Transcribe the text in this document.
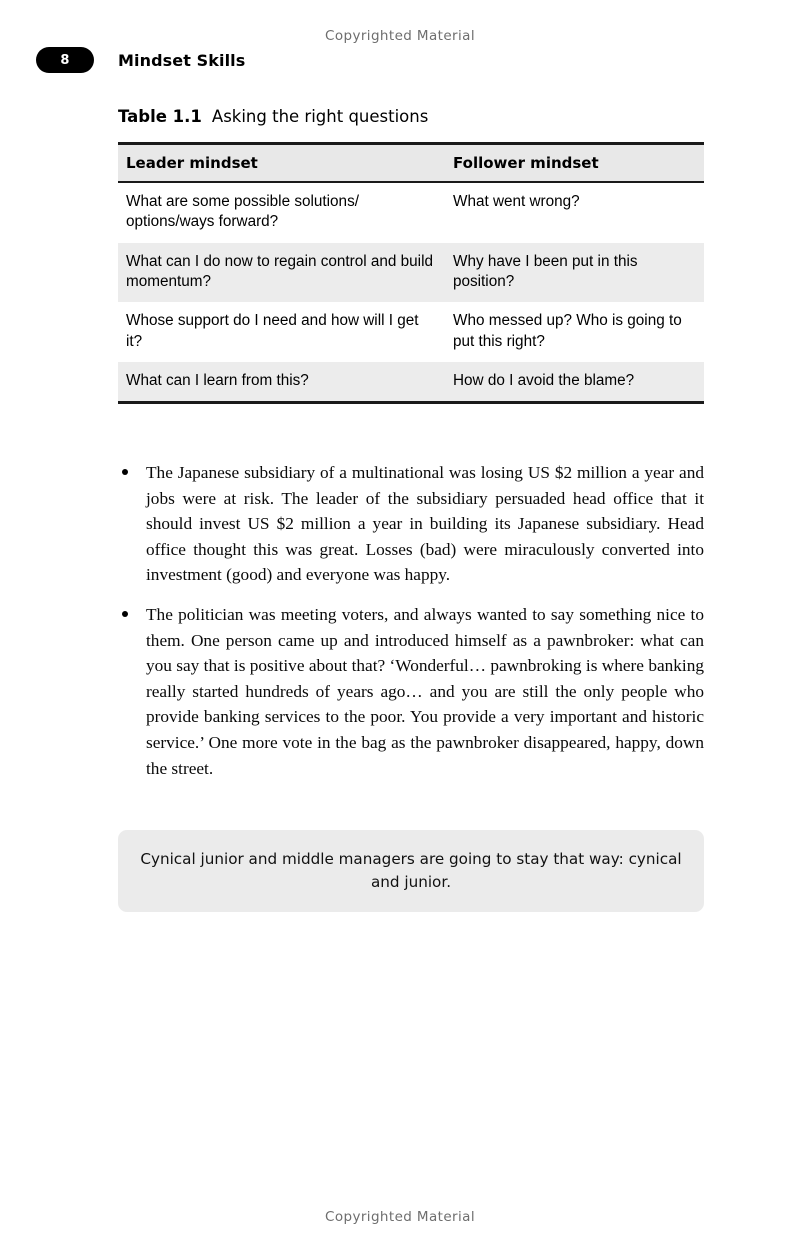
Copyrighted Material
8	Mindset Skills
Table 1.1 Asking the right questions
Leader mindset	Follower mindset
What are some possible solutions/ options/ways forward?	What went wrong?
What can I do now to regain control and build momentum?	Why have I been put in this position?
Whose support do I need and how will I get it?	Who messed up? Who is going to put this right?
What can I learn from this?	How do I avoid the blame?
The Japanese subsidiary of a multinational was losing US $2 million a year and jobs were at risk. The leader of the subsidiary persuaded head office that it should invest US $2 million a year in building its Japanese subsidiary. Head office thought this was great. Losses (bad) were miraculously converted into investment (good) and everyone was happy.
The politician was meeting voters, and always wanted to say something nice to them. One person came up and introduced himself as a pawnbroker: what can you say that is positive about that? ‘Wonderful… pawnbroking is where banking really started hundreds of years ago… and you are still the only people who provide banking services to the poor. You provide a very important and historic service.’ One more vote in the bag as the pawnbroker disappeared, happy, down the street.
Cynical junior and middle managers are going to stay that way: cynical and junior.
Copyrighted Material
